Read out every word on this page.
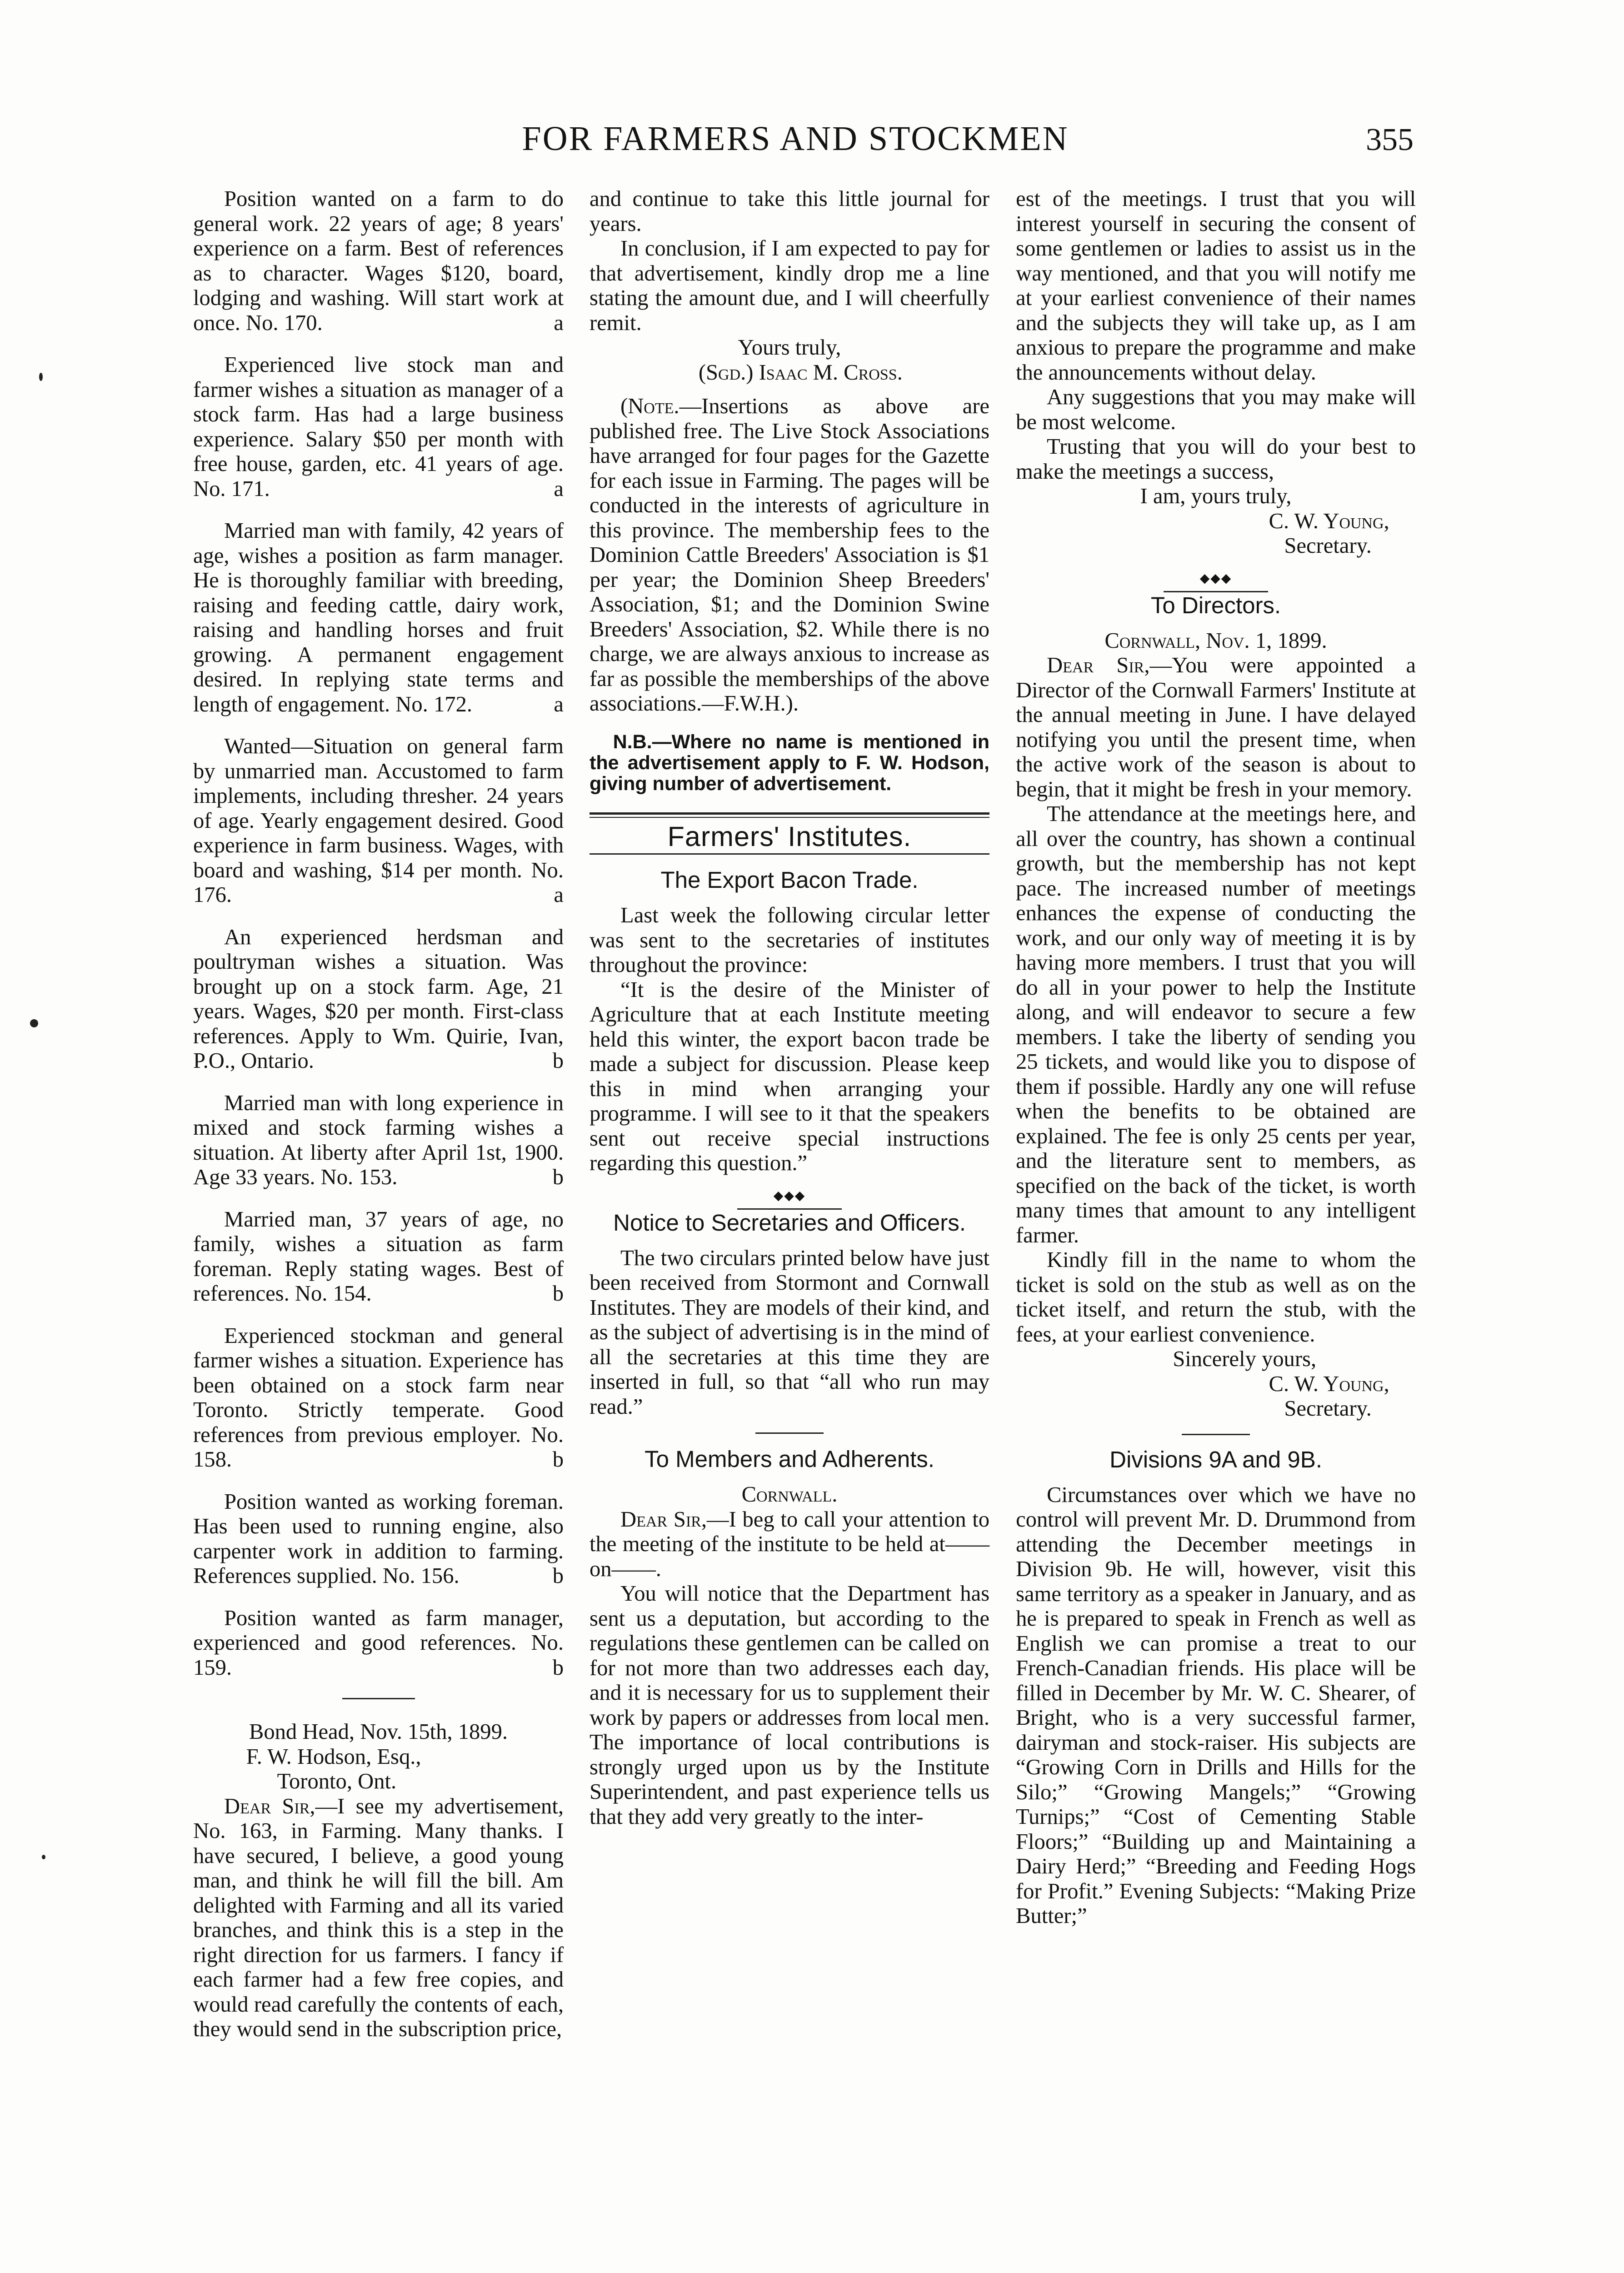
FOR FARMERS AND STOCKMEN	355

Position wanted on a farm to do general work. 22 years of age; 8 years' experience on a farm. Best of references as to character. Wages $120, board, lodging and washing. Will start work at once. No. 170.	a

Experienced live stock man and farmer wishes a situation as manager of a stock farm. Has had a large business experience. Salary $50 per month with free house, garden, etc. 41 years of age. No. 171.	a

Married man with family, 42 years of age, wishes a position as farm manager. He is thoroughly familiar with breeding, raising and feeding cattle, dairy work, raising and handling horses and fruit growing. A permanent engagement desired. In replying state terms and length of engagement. No. 172.	a

Wanted—Situation on general farm by unmarried man. Accustomed to farm implements, including thresher. 24 years of age. Yearly engagement desired. Good experience in farm business. Wages, with board and washing, $14 per month. No. 176.	a

An experienced herdsman and poultryman wishes a situation. Was brought up on a stock farm. Age, 21 years. Wages, $20 per month. First-class references. Apply to Wm. Quirie, Ivan, P.O., Ontario.	b

Married man with long experience in mixed and stock farming wishes a situation. At liberty after April 1st, 1900. Age 33 years. No. 153.	b

Married man, 37 years of age, no family, wishes a situation as farm foreman. Reply stating wages. Best of references. No. 154.	b

Experienced stockman and general farmer wishes a situation. Experience has been obtained on a stock farm near Toronto. Strictly temperate. Good references from previous employer. No. 158.	b

Position wanted as working foreman. Has been used to running engine, also carpenter work in addition to farming. References supplied. No. 156.	b

Position wanted as farm manager, experienced and good references. No. 159.	b

Bond Head, Nov. 15th, 1899.

F. W. Hodson, Esq.,

Toronto, Ont.

Dear Sir,—I see my advertisement, No. 163, in Farming. Many thanks. I have secured, I believe, a good young man, and think he will fill the bill. Am delighted with Farming and all its varied branches, and think this is a step in the right direction for us farmers. I fancy if each farmer had a few free copies, and would read carefully the contents of each, they would send in the subscription price,

and continue to take this little journal for years.

In conclusion, if I am expected to pay for that advertisement, kindly drop me a line stating the amount due, and I will cheerfully remit.

Yours truly,

(Sgd.) Isaac M. Cross.

(Note.—Insertions as above are published free. The Live Stock Associations have arranged for four pages for the Gazette for each issue in Farming. The pages will be conducted in the interests of agriculture in this province. The membership fees to the Dominion Cattle Breeders' Association is $1 per year; the Dominion Sheep Breeders' Association, $1; and the Dominion Swine Breeders' Association, $2. While there is no charge, we are always anxious to increase as far as possible the memberships of the above associations.—F.W.H.).

N.B.—Where no name is mentioned in the advertisement apply to F. W. Hodson, giving number of advertisement.

Farmers' Institutes.
The Export Bacon Trade.

Last week the following circular letter was sent to the secretaries of institutes throughout the province:

“It is the desire of the Minister of Agriculture that at each Institute meeting held this winter, the export bacon trade be made a subject for discussion. Please keep this in mind when arranging your programme. I will see to it that the speakers sent out receive special instructions regarding this question.”

◆◆◆
Notice to Secretaries and Officers.

The two circulars printed below have just been received from Stormont and Cornwall Institutes. They are models of their kind, and as the subject of advertising is in the mind of all the secretaries at this time they are inserted in full, so that “all who run may read.”

To Members and Adherents.

Cornwall.

Dear Sir,—I beg to call your attention to the meeting of the institute to be held at——on——.

You will notice that the Department has sent us a deputation, but according to the regulations these gentlemen can be called on for not more than two addresses each day, and it is necessary for us to supplement their work by papers or addresses from local men. The importance of local contributions is strongly urged upon us by the Institute Superintendent, and past experience tells us that they add very greatly to the inter-

est of the meetings. I trust that you will interest yourself in securing the consent of some gentlemen or ladies to assist us in the way mentioned, and that you will notify me at your earliest convenience of their names and the subjects they will take up, as I am anxious to prepare the programme and make the announcements without delay.

Any suggestions that you may make will be most welcome.

Trusting that you will do your best to make the meetings a success,

I am, yours truly,

C. W. Young,

Secretary.

◆◆◆
To Directors.

Cornwall, Nov. 1, 1899.

Dear Sir,—You were appointed a Director of the Cornwall Farmers' Institute at the annual meeting in June. I have delayed notifying you until the present time, when the active work of the season is about to begin, that it might be fresh in your memory.

The attendance at the meetings here, and all over the country, has shown a continual growth, but the membership has not kept pace. The increased number of meetings enhances the expense of conducting the work, and our only way of meeting it is by having more members. I trust that you will do all in your power to help the Institute along, and will endeavor to secure a few members. I take the liberty of sending you 25 tickets, and would like you to dispose of them if possible. Hardly any one will refuse when the benefits to be obtained are explained. The fee is only 25 cents per year, and the literature sent to members, as specified on the back of the ticket, is worth many times that amount to any intelligent farmer.

Kindly fill in the name to whom the ticket is sold on the stub as well as on the ticket itself, and return the stub, with the fees, at your earliest convenience.

Sincerely yours,

C. W. Young,

Secretary.

Divisions 9A and 9B.

Circumstances over which we have no control will prevent Mr. D. Drummond from attending the December meetings in Division 9b. He will, however, visit this same territory as a speaker in January, and as he is prepared to speak in French as well as English we can promise a treat to our French-Canadian friends. His place will be filled in December by Mr. W. C. Shearer, of Bright, who is a very successful farmer, dairyman and stock-raiser. His subjects are “Growing Corn in Drills and Hills for the Silo;” “Growing Mangels;” “Growing Turnips;” “Cost of Cementing Stable Floors;” “Building up and Maintaining a Dairy Herd;” “Breeding and Feeding Hogs for Profit.” Evening Subjects: “Making Prize Butter;”
